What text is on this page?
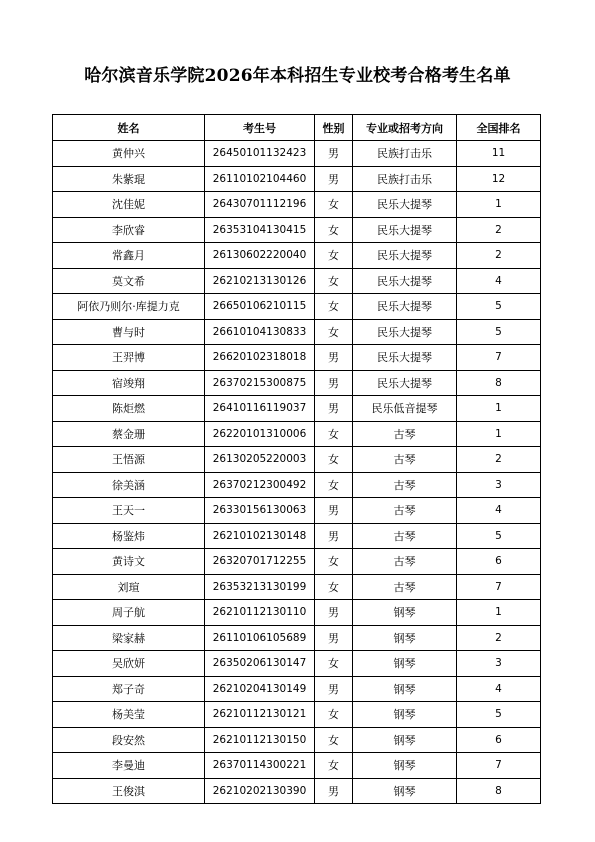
哈尔滨音乐学院2026年本科招生专业校考合格考生名单
姓名	考生号	性别	专业或招考方向	全国排名
黄仲兴	26450101132423	男	民族打击乐	11
朱紫琨	26110102104460	男	民族打击乐	12
沈佳妮	26430701112196	女	民乐大提琴	1
李欣睿	26353104130415	女	民乐大提琴	2
常鑫月	26130602220040	女	民乐大提琴	2
莫文希	26210213130126	女	民乐大提琴	4
阿依乃则尔·库提力克	26650106210115	女	民乐大提琴	5
曹与时	26610104130833	女	民乐大提琴	5
王羿博	26620102318018	男	民乐大提琴	7
宿竣翔	26370215300875	男	民乐大提琴	8
陈炬燃	26410116119037	男	民乐低音提琴	1
蔡金珊	26220101310006	女	古琴	1
王悟源	26130205220003	女	古琴	2
徐美涵	26370212300492	女	古琴	3
王天一	26330156130063	男	古琴	4
杨鉴炜	26210102130148	男	古琴	5
黄诗文	26320701712255	女	古琴	6
刘瑄	26353213130199	女	古琴	7
周子航	26210112130110	男	钢琴	1
梁家赫	26110106105689	男	钢琴	2
吴欣妍	26350206130147	女	钢琴	3
郑子奇	26210204130149	男	钢琴	4
杨美莹	26210112130121	女	钢琴	5
段安然	26210112130150	女	钢琴	6
李曼迪	26370114300221	女	钢琴	7
王俊淇	26210202130390	男	钢琴	8
